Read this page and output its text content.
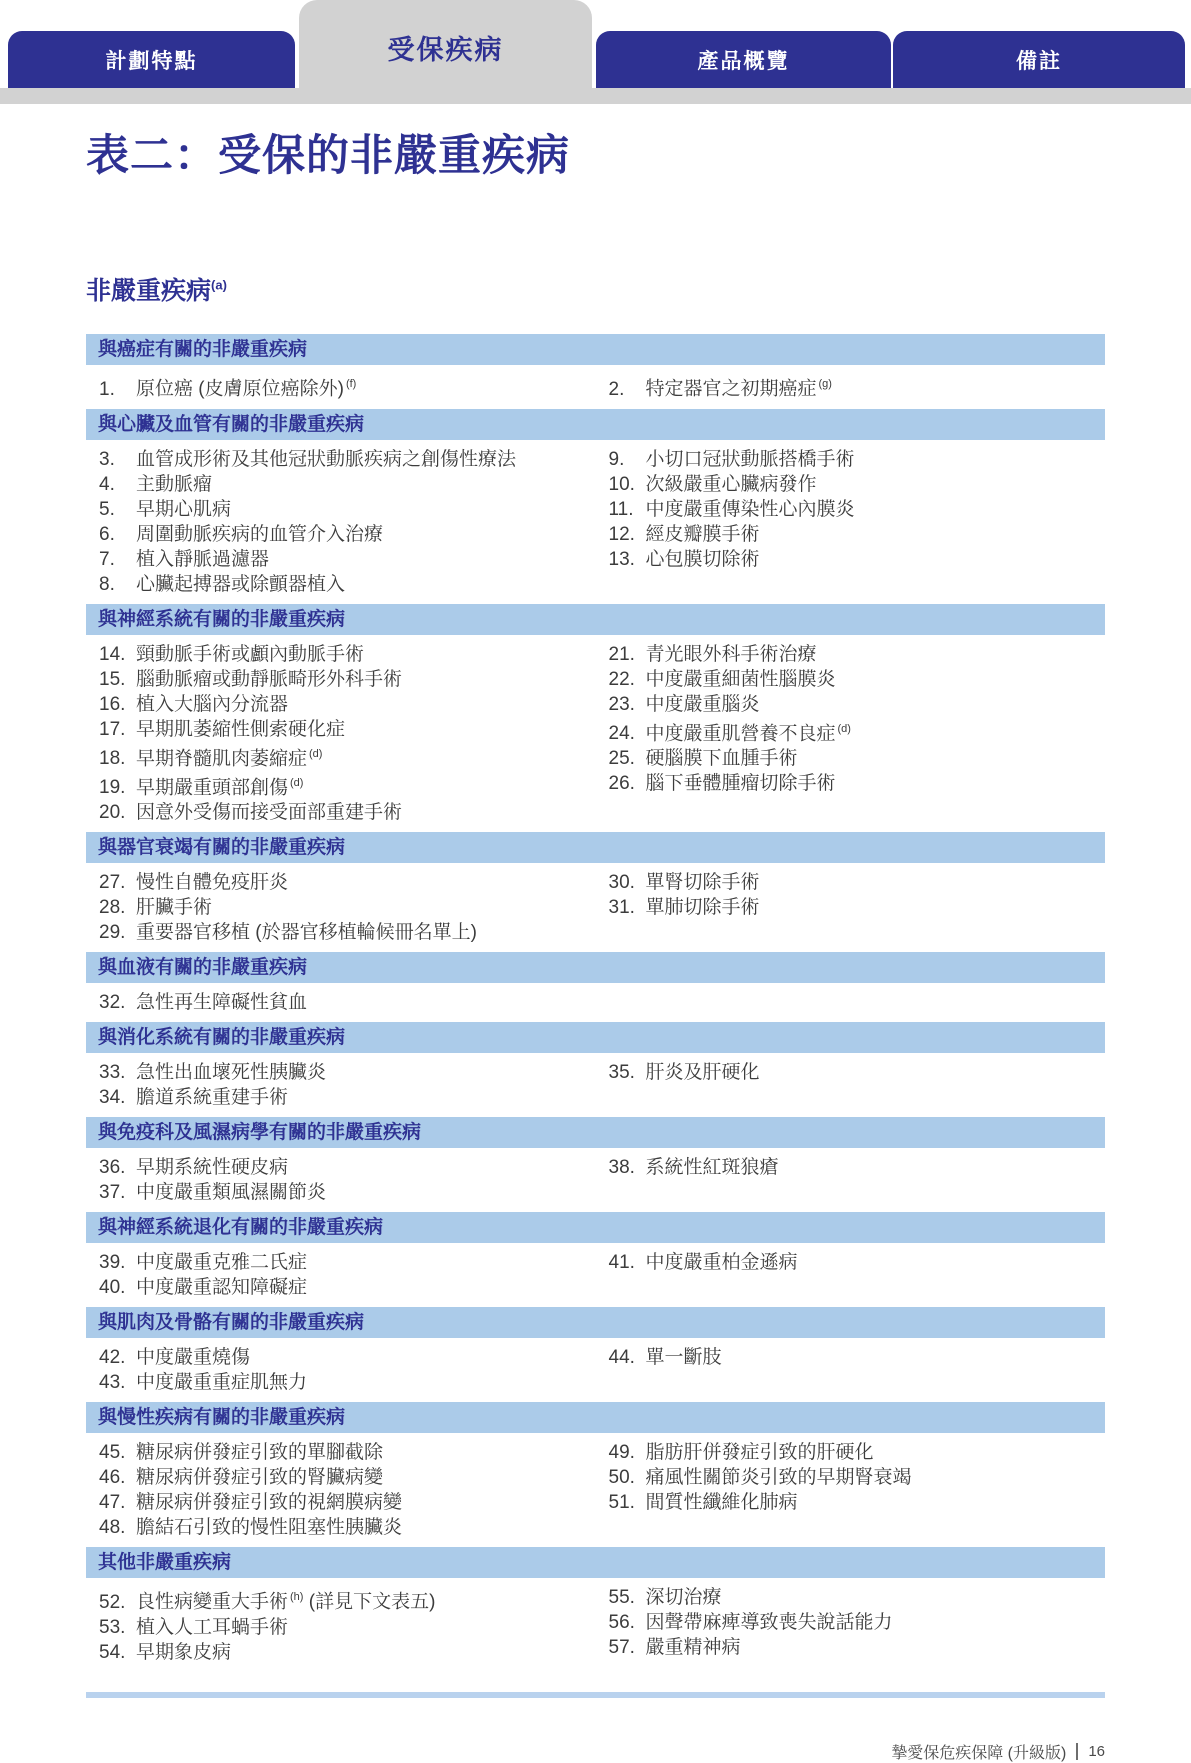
計劃特點	受保疾病	產品概覽	備註
表二：受保的非嚴重疾病
非嚴重疾病$^{(a)}$
與癌症有關的非嚴重疾病
1.	原位癌 (皮膚原位癌除外) $^{(f)}$	2.	特定器官之初期癌症 $^{(g)}$
與心臟及血管有關的非嚴重疾病
3.	血管成形術及其他冠狀動脈疾病之創傷性療法
4.	主動脈瘤
5.	早期心肌病
6.	周圍動脈疾病的血管介入治療
7.	植入靜脈過濾器
8.	心臟起搏器或除顫器植入
9.	小切口冠狀動脈搭橋手術
10. 次級嚴重心臟病發作
11. 中度嚴重傳染性心內膜炎
12. 經皮瓣膜手術
13. 心包膜切除術
與神經系統有關的非嚴重疾病
14. 頸動脈手術或顱內動脈手術
15. 腦動脈瘤或動靜脈畸形外科手術
16. 植入大腦內分流器
17. 早期肌萎縮性側索硬化症
18. 早期脊髓肌肉萎縮症 $^{(d)}$
19. 早期嚴重頭部創傷 $^{(d)}$
20. 因意外受傷而接受面部重建手術
21. 青光眼外科手術治療
22. 中度嚴重細菌性腦膜炎
23. 中度嚴重腦炎
24. 中度嚴重肌營養不良症 $^{(d)}$
25. 硬腦膜下血腫手術
26. 腦下垂體腫瘤切除手術
與器官衰竭有關的非嚴重疾病
27. 慢性自體免疫肝炎
28. 肝臟手術
29. 重要器官移植 (於器官移植輪候冊名單上)
30. 單腎切除手術
31. 單肺切除手術
與血液有關的非嚴重疾病
32. 急性再生障礙性貧血
與消化系統有關的非嚴重疾病
33. 急性出血壞死性胰臟炎
34. 膽道系統重建手術
35. 肝炎及肝硬化
與免疫科及風濕病學有關的非嚴重疾病
36. 早期系統性硬皮病
37. 中度嚴重類風濕關節炎
38. 系統性紅斑狼瘡
與神經系統退化有關的非嚴重疾病
39. 中度嚴重克雅二氏症
40. 中度嚴重認知障礙症
41. 中度嚴重柏金遜病
與肌肉及骨骼有關的非嚴重疾病
42. 中度嚴重燒傷
43. 中度嚴重重症肌無力
44. 單一斷肢
與慢性疾病有關的非嚴重疾病
45. 糖尿病併發症引致的單腳截除
46. 糖尿病併發症引致的腎臟病變
47. 糖尿病併發症引致的視網膜病變
48. 膽結石引致的慢性阻塞性胰臟炎
49. 脂肪肝併發症引致的肝硬化
50. 痛風性關節炎引致的早期腎衰竭
51. 間質性纖維化肺病
其他非嚴重疾病
52. 良性病變重大手術 $^{(h)}$ (詳見下文表五)
53. 植入人工耳蝸手術
54. 早期象皮病
55. 深切治療
56. 因聲帶麻痺導致喪失說話能力
57. 嚴重精神病
摯愛保危疾保障 (升級版) 16
